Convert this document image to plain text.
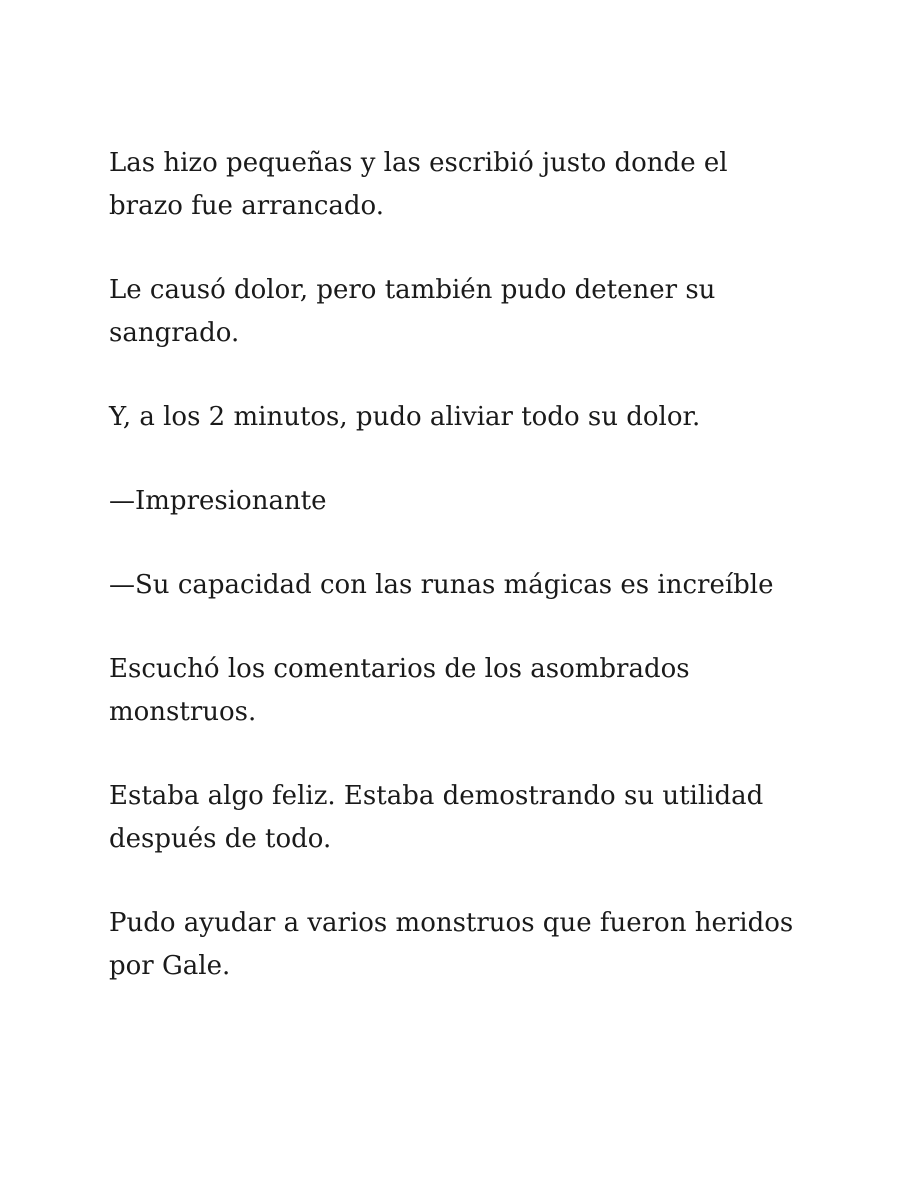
Las hizo pequeñas y las escribió justo donde el brazo fue arrancado.

Le causó dolor, pero también pudo detener su sangrado.

Y, a los 2 minutos, pudo aliviar todo su dolor.

—Impresionante

—Su capacidad con las runas mágicas es increíble

Escuchó los comentarios de los asombrados monstruos.

Estaba algo feliz. Estaba demostrando su utilidad después de todo.

Pudo ayudar a varios monstruos que fueron heridos por Gale.
